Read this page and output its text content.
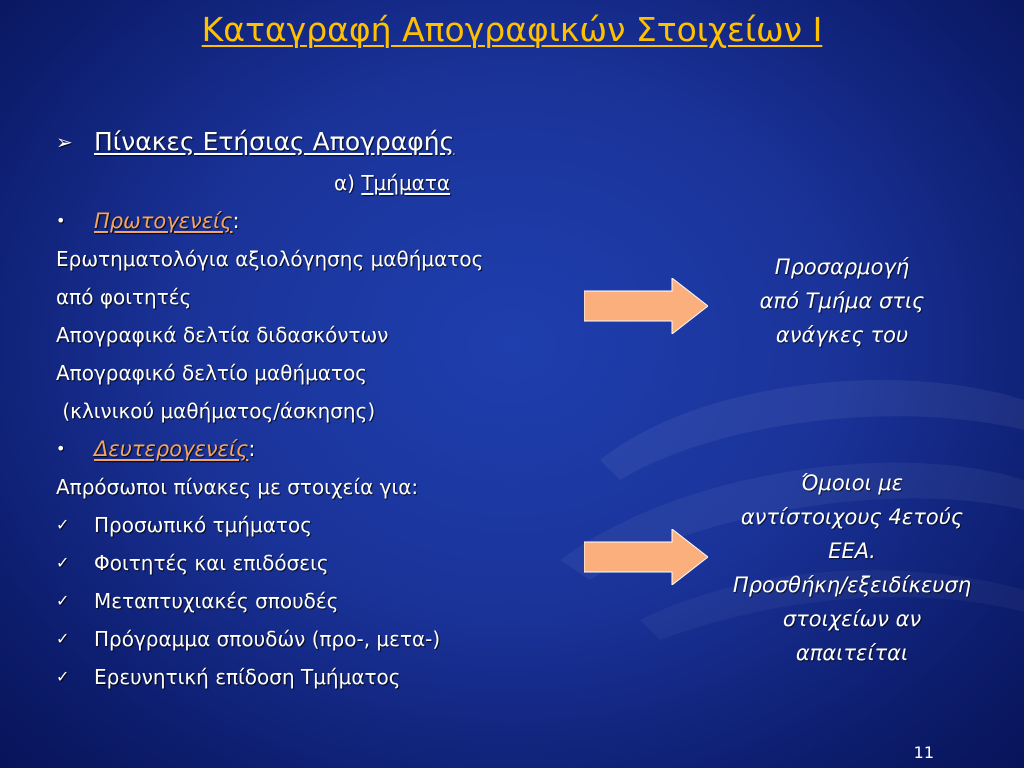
Καταγραφή Απογραφικών Στοιχείων Ι
➢ Πίνακες Ετήσιας Απογραφής
α) Τμήματα
• Πρωτογενείς:
Ερωτηματολόγια αξιολόγησης μαθήματος
από φοιτητές
Απογραφικά δελτία διδασκόντων
Απογραφικό δελτίο μαθήματος
(κλινικού μαθήματος/άσκησης)
• Δευτερογενείς:
Απρόσωποι πίνακες με στοιχεία για:
✓ Προσωπικό τμήματος
✓ Φοιτητές και επιδόσεις
✓ Μεταπτυχιακές σπουδές
✓ Πρόγραμμα σπουδών (προ-, μετα-)
✓ Ερευνητική επίδοση Τμήματος
Προσαρμογή
από Τμήμα στις
ανάγκες του
Όμοιοι με
αντίστοιχους 4ετούς
ΕΕΑ.
Προσθήκη/εξειδίκευση
στοιχείων αν
απαιτείται
11
